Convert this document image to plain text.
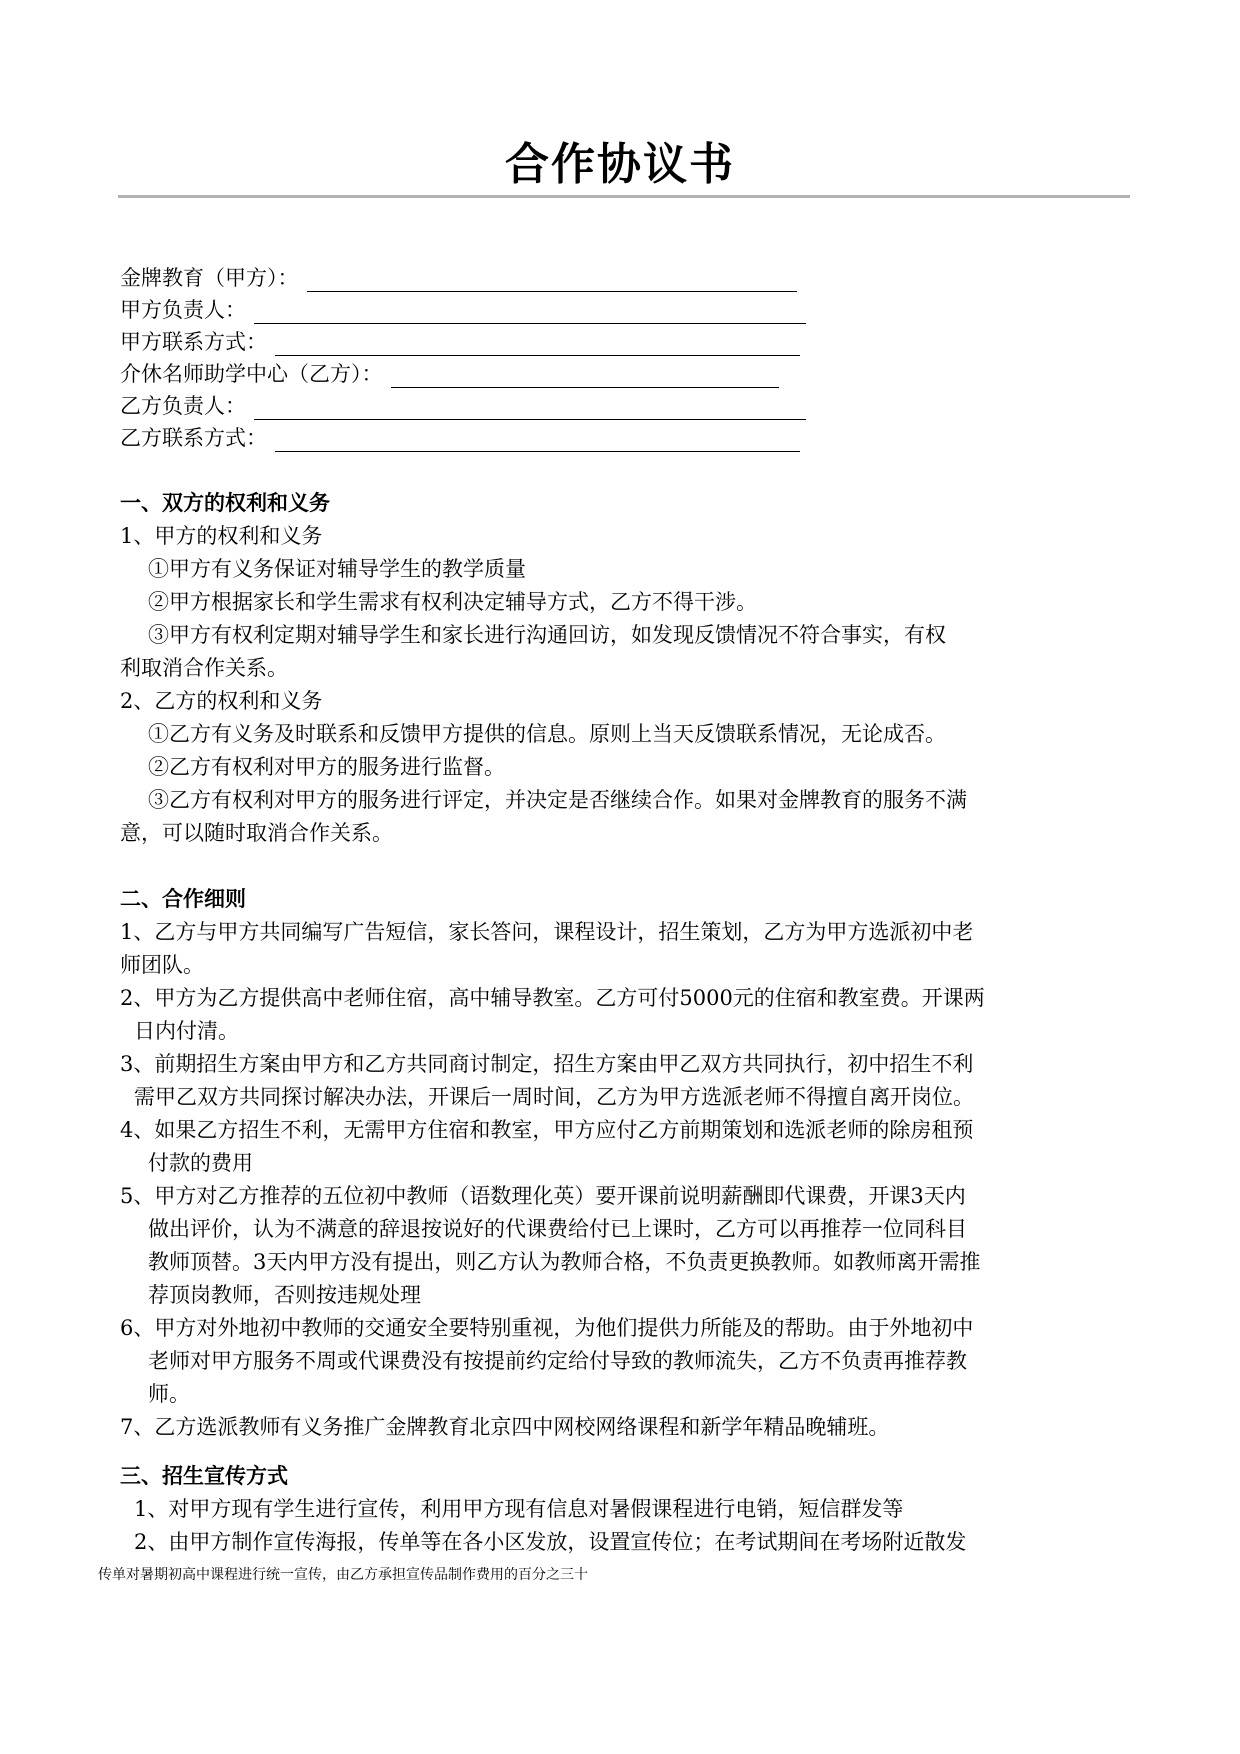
合作协议书
金牌教育（甲方）：
甲方负责人：
甲方联系方式：
介休名师助学中心（乙方）：
乙方负责人：
乙方联系方式：
一、双方的权利和义务
1、甲方的权利和义务
①甲方有义务保证对辅导学生的教学质量
②甲方根据家长和学生需求有权利决定辅导方式，乙方不得干涉。
③甲方有权利定期对辅导学生和家长进行沟通回访，如发现反馈情况不符合事实，有权
利取消合作关系。
2、乙方的权利和义务
①乙方有义务及时联系和反馈甲方提供的信息。原则上当天反馈联系情况，无论成否。
②乙方有权利对甲方的服务进行监督。
③乙方有权利对甲方的服务进行评定，并决定是否继续合作。如果对金牌教育的服务不满
意，可以随时取消合作关系。
二、合作细则
1、乙方与甲方共同编写广告短信，家长答问，课程设计，招生策划，乙方为甲方选派初中老
师团队。
2、甲方为乙方提供高中老师住宿，高中辅导教室。乙方可付5000元的住宿和教室费。开课两
日内付清。
3、前期招生方案由甲方和乙方共同商讨制定，招生方案由甲乙双方共同执行，初中招生不利
需甲乙双方共同探讨解决办法，开课后一周时间，乙方为甲方选派老师不得擅自离开岗位。
4、如果乙方招生不利，无需甲方住宿和教室，甲方应付乙方前期策划和选派老师的除房租预
付款的费用
5、甲方对乙方推荐的五位初中教师（语数理化英）要开课前说明薪酬即代课费，开课3天内
做出评价，认为不满意的辞退按说好的代课费给付已上课时，乙方可以再推荐一位同科目
教师顶替。3天内甲方没有提出，则乙方认为教师合格，不负责更换教师。如教师离开需推
荐顶岗教师，否则按违规处理
6、甲方对外地初中教师的交通安全要特别重视，为他们提供力所能及的帮助。由于外地初中
老师对甲方服务不周或代课费没有按提前约定给付导致的教师流失，乙方不负责再推荐教
师。
7、乙方选派教师有义务推广金牌教育北京四中网校网络课程和新学年精品晚辅班。
三、招生宣传方式
1、对甲方现有学生进行宣传，利用甲方现有信息对暑假课程进行电销，短信群发等
2、由甲方制作宣传海报，传单等在各小区发放，设置宣传位；在考试期间在考场附近散发
传单对暑期初高中课程进行统一宣传，由乙方承担宣传品制作费用的百分之三十
